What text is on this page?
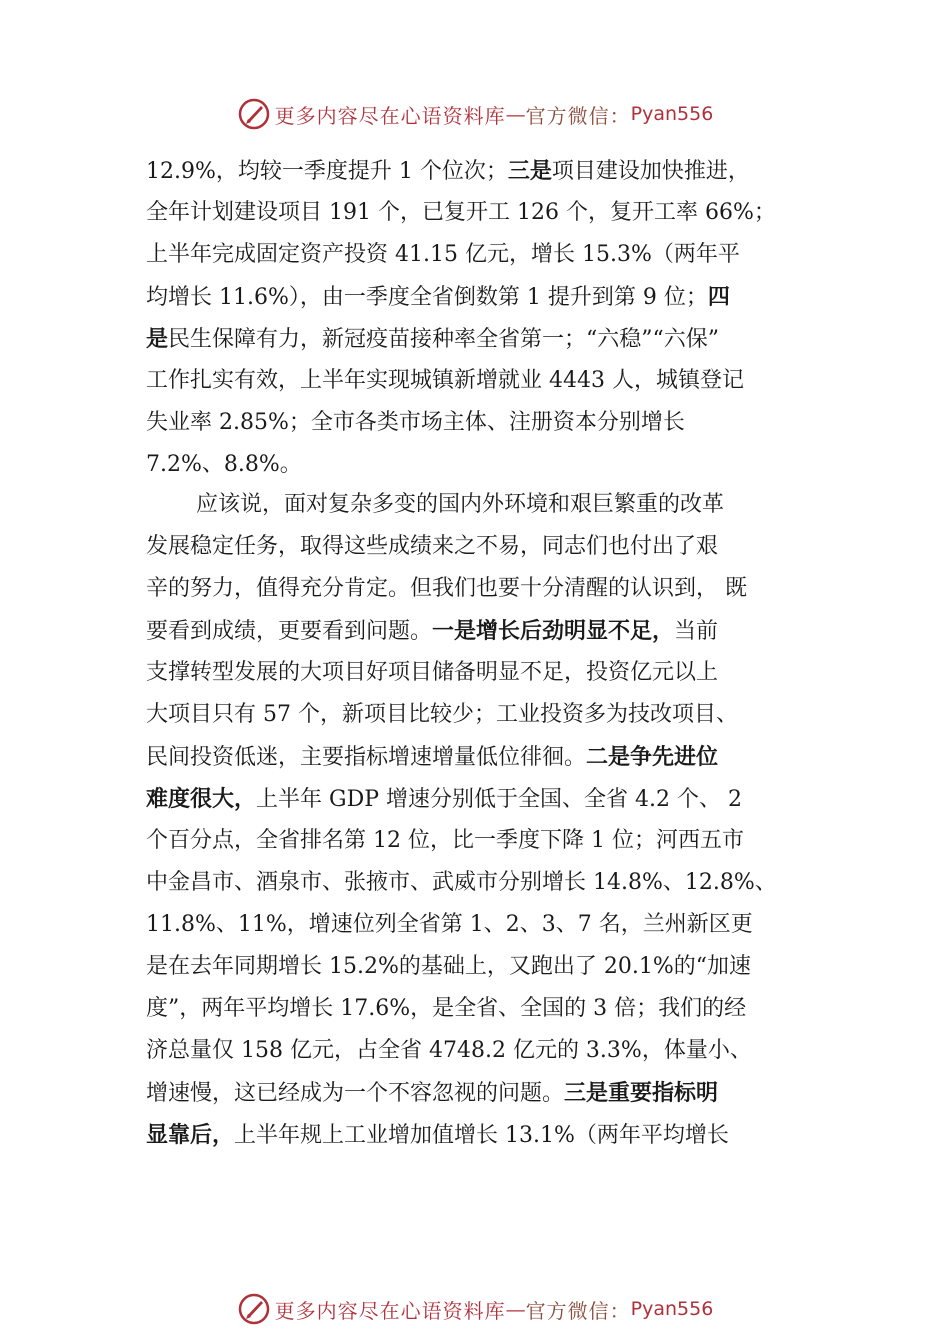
更多内容尽在心语资料库 — 官方微信 ： Pyan556
12.9%，均较一季度提升 1 个位次；三是项目建设加快推进，
全年计划建设项目 191 个，已复开工 126 个，复开工率 66%；
上半年完成固定资产投资 41.15 亿元，增长 15.3%（两年平
均增长 11.6%），由一季度全省倒数第 1 提升到第 9 位；四
是民生保障有力，新冠疫苗接种率全省第一；“六稳”“六保”
工作扎实有效，上半年实现城镇新增就业 4443 人，城镇登记
失业率 2.85%；全市各类市场主体、注册资本分别增长
7.2%、8.8%。
应该说，面对复杂多变的国内外环境和艰巨繁重的改革
发展稳定任务，取得这些成绩来之不易，同志们也付出了艰
辛的努力，值得充分肯定。但我们也要十分清醒的认识到， 既
要看到成绩，更要看到问题。一是增长后劲明显不足，当前
支撑转型发展的大项目好项目储备明显不足，投资亿元以上
大项目只有 57 个，新项目比较少；工业投资多为技改项目、
民间投资低迷，主要指标增速增量低位徘徊。二是争先进位
难度很大，上半年 GDP 增速分别低于全国、全省 4.2 个、 2
个百分点，全省排名第 12 位，比一季度下降 1 位；河西五市
中金昌市、酒泉市、张掖市、武威市分别增长 14.8%、12.8%、
11.8%、11%，增速位列全省第 1、2、3、7 名，兰州新区更
是在去年同期增长 15.2%的基础上，又跑出了 20.1%的“加速
度”，两年平均增长 17.6%，是全省、全国的 3 倍；我们的经
济总量仅 158 亿元，占全省 4748.2 亿元的 3.3%，体量小、
增速慢，这已经成为一个不容忽视的问题。三是重要指标明
显靠后，上半年规上工业增加值增长 13.1%（两年平均增长
更多内容尽在心语资料库 — 官方微信 ： Pyan556
